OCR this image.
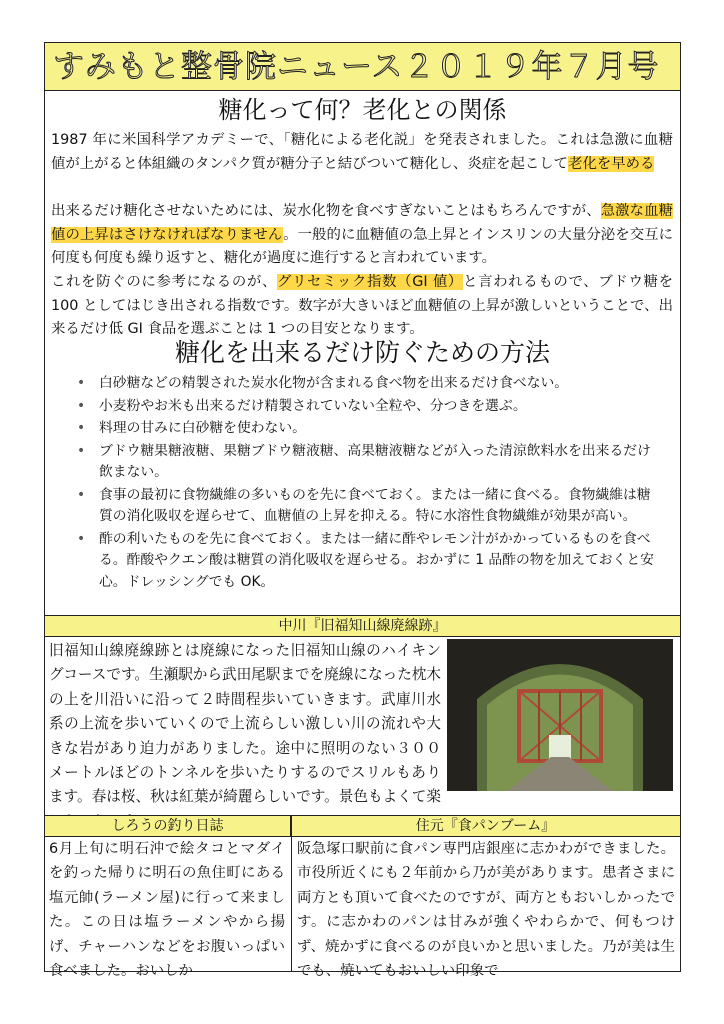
すみもと整骨院ニュース２０１９年７月号
糖化って何？老化との関係
1987 年に米国科学アカデミーで、「糖化による老化説」を発表されました。これは急激に血糖値が上がると体組織のタンパク質が糖分子と結びついて糖化し、炎症を起こして老化を早める
出来るだけ糖化させないためには、炭水化物を食べすぎないことはもちろんですが、急激な血糖値の上昇はさけなければなりません。一般的に血糖値の急上昇とインスリンの大量分泌を交互に何度も何度も繰り返すと、糖化が過度に進行すると言われています。
これを防ぐのに参考になるのが、グリセミック指数（GI 値）と言われるもので、ブドウ糖を 100 としてはじき出される指数です。数字が大きいほど血糖値の上昇が激しいということで、出来るだけ低 GI 食品を選ぶことは 1 つの目安となります。
糖化を出来るだけ防ぐための方法
• 白砂糖などの精製された炭水化物が含まれる食べ物を出来るだけ食べない。
• 小麦粉やお米も出来るだけ精製されていない全粒や、分つきを選ぶ。
• 料理の甘みに白砂糖を使わない。
• ブドウ糖果糖液糖、果糖ブドウ糖液糖、高果糖液糖などが入った清涼飲料水を出来るだけ飲まない。
• 食事の最初に食物繊維の多いものを先に食べておく。または一緒に食べる。食物繊維は糖質の消化吸収を遅らせて、血糖値の上昇を抑える。特に水溶性食物繊維が効果が高い。
• 酢の利いたものを先に食べておく。または一緒に酢やレモン汁がかかっているものを食べる。酢酸やクエン酸は糖質の消化吸収を遅らせる。おかずに 1 品酢の物を加えておくと安心。ドレッシングでも OK。
中川『旧福知山線廃線跡』
旧福知山線廃線跡とは廃線になった旧福知山線のハイキングコースです。生瀬駅から武田尾駅までを廃線になった枕木の上を川沿いに沿って２時間程歩いていきます。武庫川水系の上流を歩いていくので上流らしい激しい川の流れや大きな岩があり迫力がありました。途中に照明のない３００メートルほどのトンネルを歩いたりするのでスリルもあります。春は桜、秋は紅葉が綺麗らしいです。景色もよくて楽
しろうの釣り日誌	住元『食パンブーム』
6月上旬に明石沖で絵タコとマダイを釣った帰りに明石の魚住町にある塩元帥(ラーメン屋)に行って来ました。この日は塩ラーメンやから揚げ、チャーハンなどをお腹いっぱい食べました。おいしか
阪急塚口駅前に食パン専門店銀座に志かわができました。市役所近くにも２年前から乃が美があります。患者さまに両方とも頂いて食べたのですが、両方ともおいしかったです。に志かわのパンは甘みが強くやわらかで、何もつけず、焼かずに食べるのが良いかと思いました。乃が美は生でも、焼いてもおいしい印象で
